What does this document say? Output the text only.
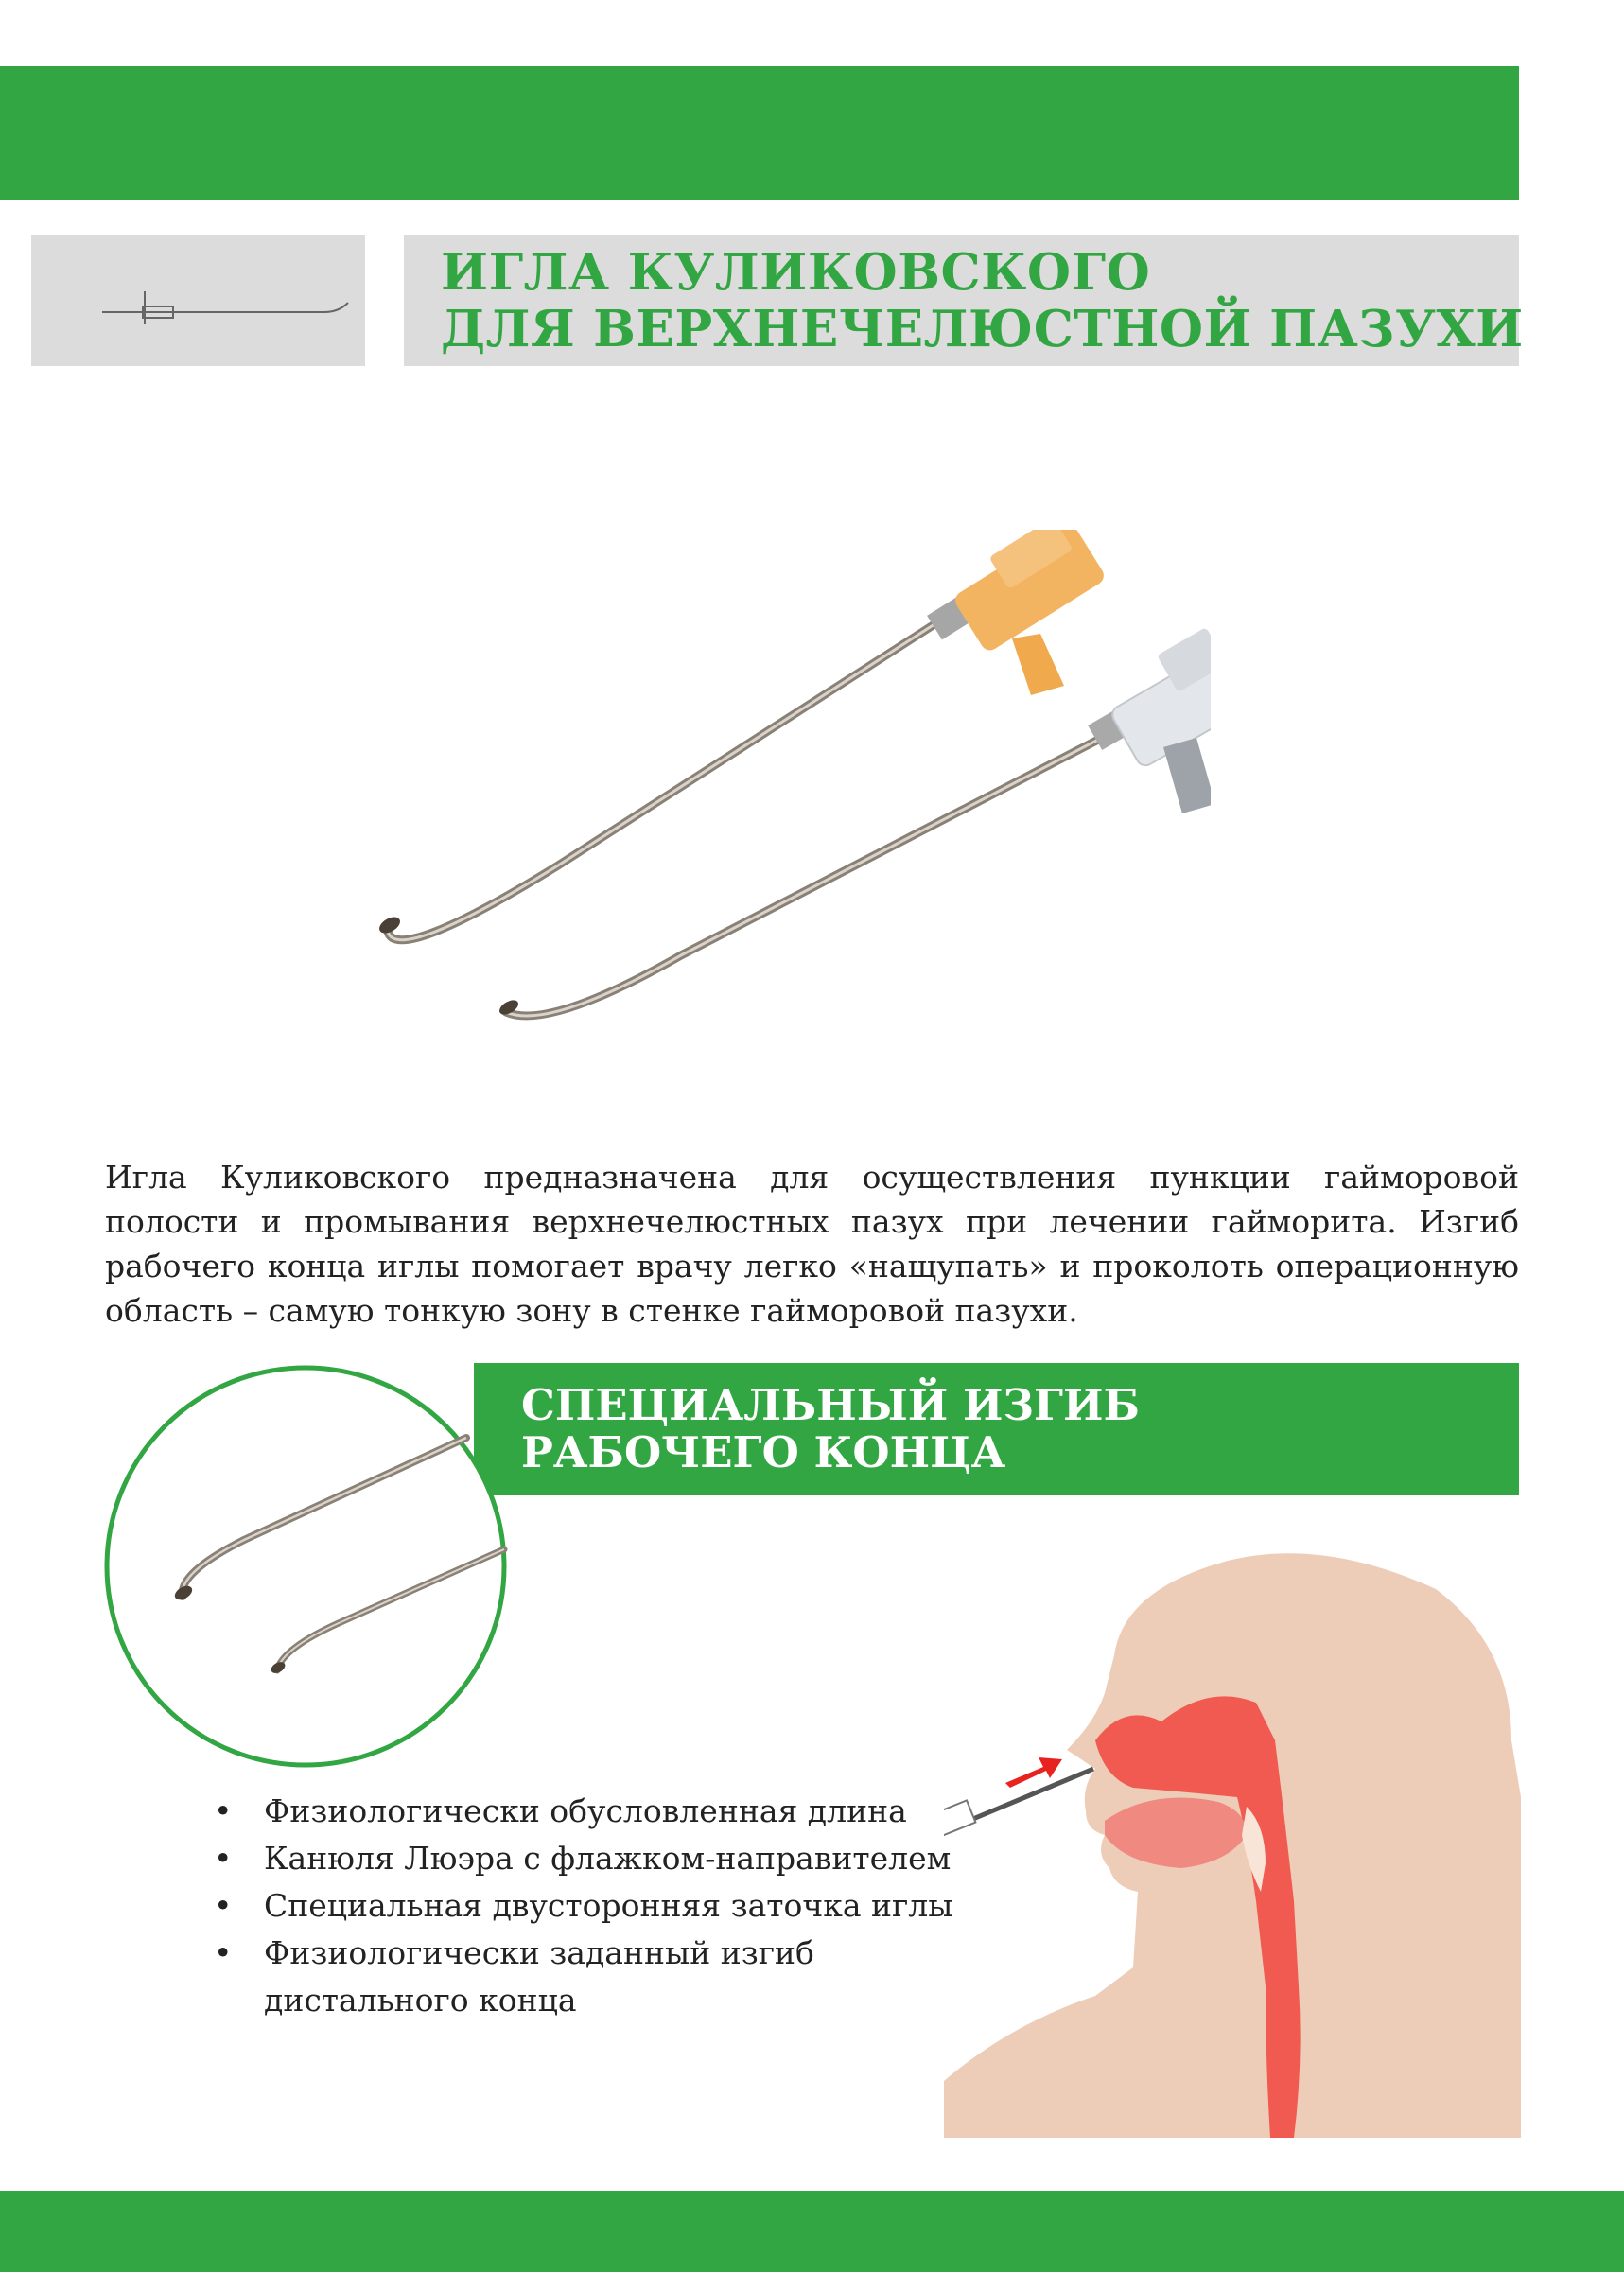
ИГЛА КУЛИКОВСКОГО
ДЛЯ ВЕРХНЕЧЕЛЮСТНОЙ ПАЗУХИ

Игла Куликовского предназначена для осуществления пункции гайморовой полости и промывания верхнечелюстных пазух при лечении гайморита. Изгиб рабочего конца иглы помогает врачу легко «нащупать» и проколоть операционную область – самую тонкую зону в стенке гайморовой пазухи.

СПЕЦИАЛЬНЫЙ ИЗГИБ
РАБОЧЕГО КОНЦА
• Физиологически обусловленная длина
• Канюля Люэра с флажком-направителем
• Специальная двусторонняя заточка иглы
• Физиологически заданный изгиб дистального конца
